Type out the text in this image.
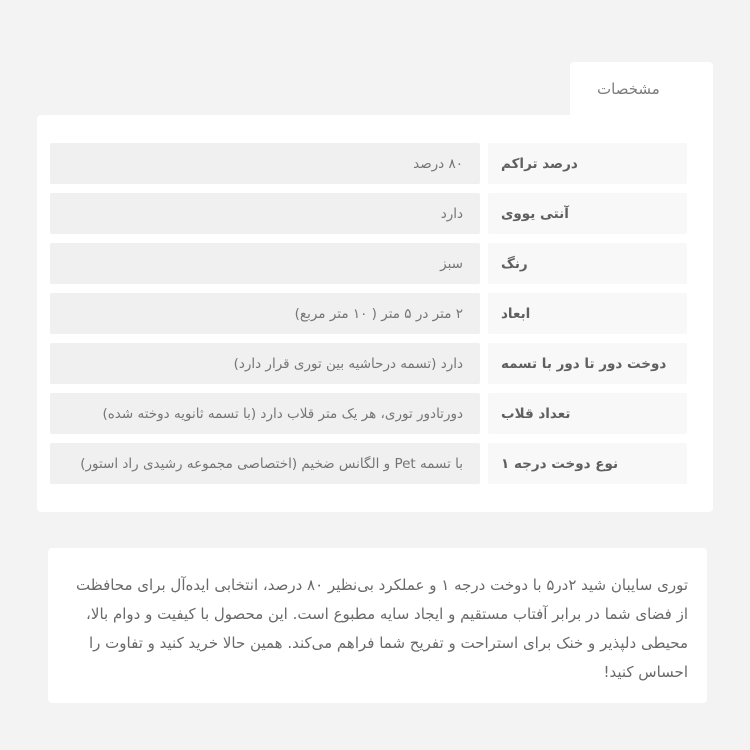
مشخصات
۸۰ درصد	درصد تراکم
دارد	آنتی یووی
سبز	رنگ
۲ متر در ۵ متر ( ۱۰ متر مربع)	ابعاد
دارد (تسمه درحاشیه بین توری قرار دارد)	دوخت دور تا دور با تسمه
دورتادور توری، هر یک متر قلاب دارد (با تسمه ثانویه دوخته شده)	تعداد قلاب
با تسمه Pet و الگانس ضخیم (اختصاصی مجموعه رشیدی راد استور)	نوع دوخت درجه ۱

توری سایبان شید ۲در۵ با دوخت درجه ۱ و عملکرد بی‌نظیر ۸۰ درصد، انتخابی ایده‌آل برای محافظت از فضای شما در برابر آفتاب مستقیم و ایجاد سایه مطبوع است. این محصول با کیفیت و دوام بالا، محیطی دلپذیر و خنک برای استراحت و تفریح شما فراهم می‌کند. همین حالا خرید کنید و تفاوت را احساس کنید!
